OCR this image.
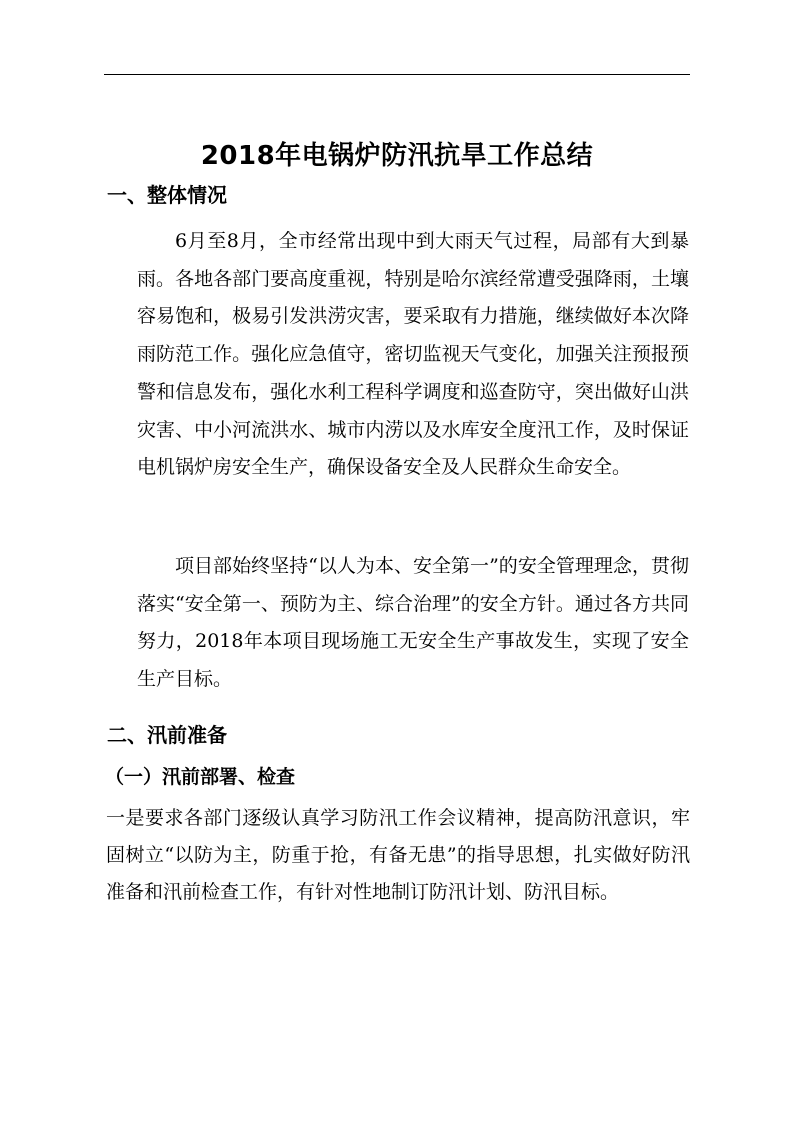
2018年电锅炉防汛抗旱工作总结
一、整体情况

6月至8月，全市经常出现中到大雨天气过程，局部有大到暴雨。各地各部门要高度重视，特别是哈尔滨经常遭受强降雨，土壤容易饱和，极易引发洪涝灾害，要采取有力措施，继续做好本次降雨防范工作。强化应急值守，密切监视天气变化，加强关注预报预警和信息发布，强化水利工程科学调度和巡查防守，突出做好山洪灾害、中小河流洪水、城市内涝以及水库安全度汛工作，及时保证电机锅炉房安全生产，确保设备安全及人民群众生命安全。

项目部始终坚持“以人为本、安全第一”的安全管理理念，贯彻落实“安全第一、预防为主、综合治理”的安全方针。通过各方共同努力，2018年本项目现场施工无安全生产事故发生，实现了安全生产目标。

二、汛前准备
（一）汛前部署、检查

一是要求各部门逐级认真学习防汛工作会议精神，提高防汛意识，牢固树立“以防为主，防重于抢，有备无患”的指导思想，扎实做好防汛准备和汛前检查工作，有针对性地制订防汛计划、防汛目标。
